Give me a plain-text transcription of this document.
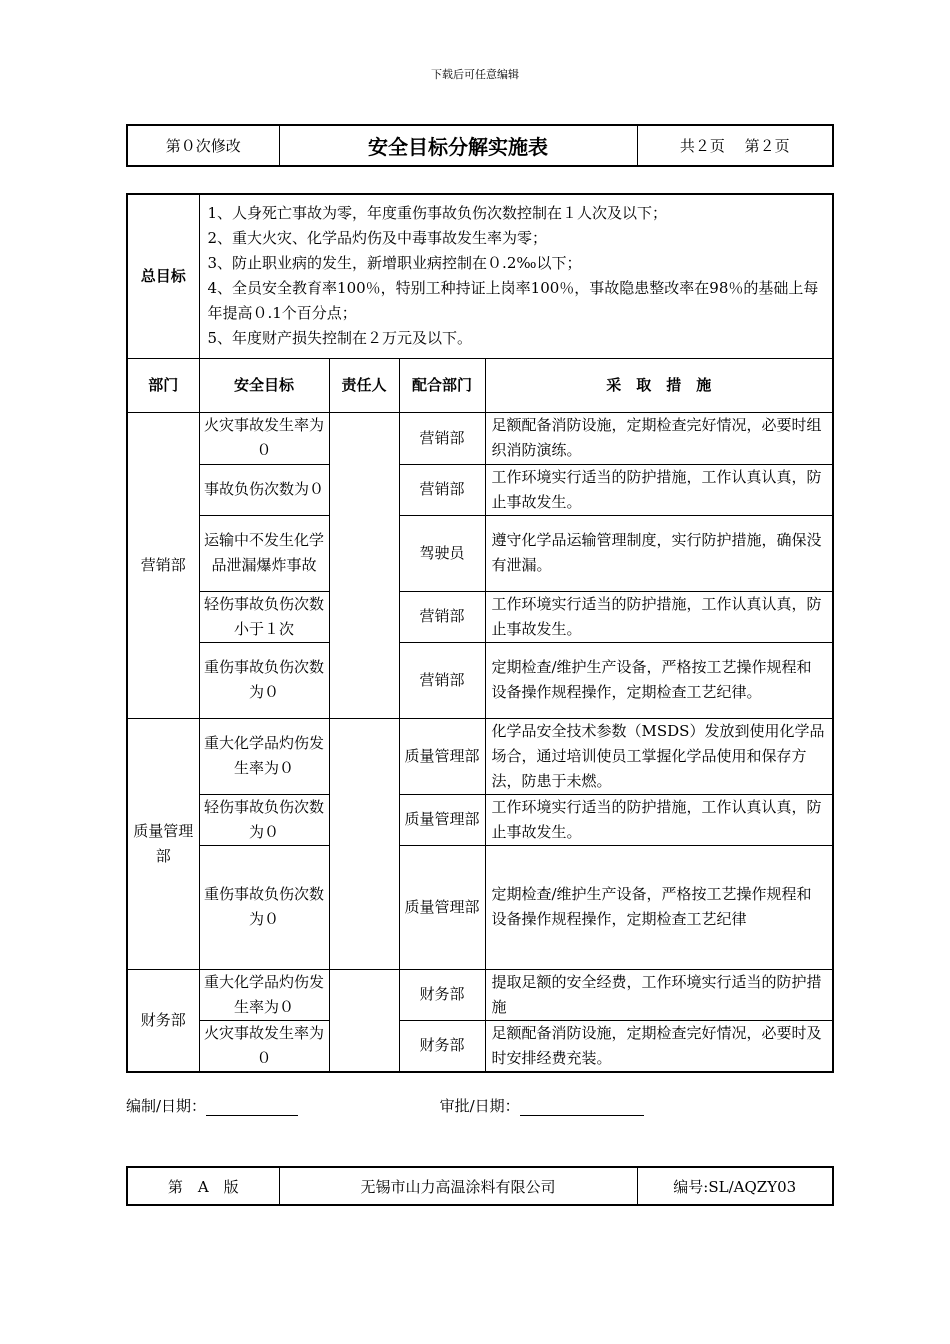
下载后可任意编辑
第０次修改	安全目标分解实施表	共２页　 第２页
总目标	1、人身死亡事故为零，年度重伤事故负伤次数控制在１人次及以下；
2、重大火灾、化学品灼伤及中毒事故发生率为零；
3、防止职业病的发生，新增职业病控制在０.2‰以下；
4、全员安全教育率100％，特别工种持证上岗率100％，事故隐患整改率在98％的基础上每年提高０.1个百分点；
5、年度财产损失控制在２万元及以下。			

部门	安全目标	责任人	配合部门	采　取　措　施
营销部	火灾事故发生率为０		营销部	足额配备消防设施，定期检查完好情况，必要时组织消防演练。
	事故负伤次数为０		营销部	工作环境实行适当的防护措施，工作认真认真，防止事故发生。
	运输中不发生化学品泄漏爆炸事故		驾驶员	遵守化学品运输管理制度，实行防护措施，确保没有泄漏。
	轻伤事故负伤次数小于１次		营销部	工作环境实行适当的防护措施，工作认真认真，防止事故发生。
	重伤事故负伤次数为０		营销部	定期检查/维护生产设备，严格按工艺操作规程和设备操作规程操作，定期检查工艺纪律。
质量管理部	重大化学品灼伤发生率为０		质量管理部	化学品安全技术参数（MSDS）发放到使用化学品场合，通过培训使员工掌握化学品使用和保存方法，防患于未燃。
	轻伤事故负伤次数为０		质量管理部	工作环境实行适当的防护措施，工作认真认真，防止事故发生。
	重伤事故负伤次数为０		质量管理部	定期检查/维护生产设备，严格按工艺操作规程和设备操作规程操作，定期检查工艺纪律
财务部	重大化学品灼伤发生率为０		财务部	提取足额的安全经费，工作环境实行适当的防护措施
	火灾事故发生率为０		财务部	足额配备消防设施，定期检查完好情况，必要时及时安排经费充装。
编制/日期：	审批/日期：
第　A　版	无锡市山力高温涂料有限公司	编号:SL/AQZY03
